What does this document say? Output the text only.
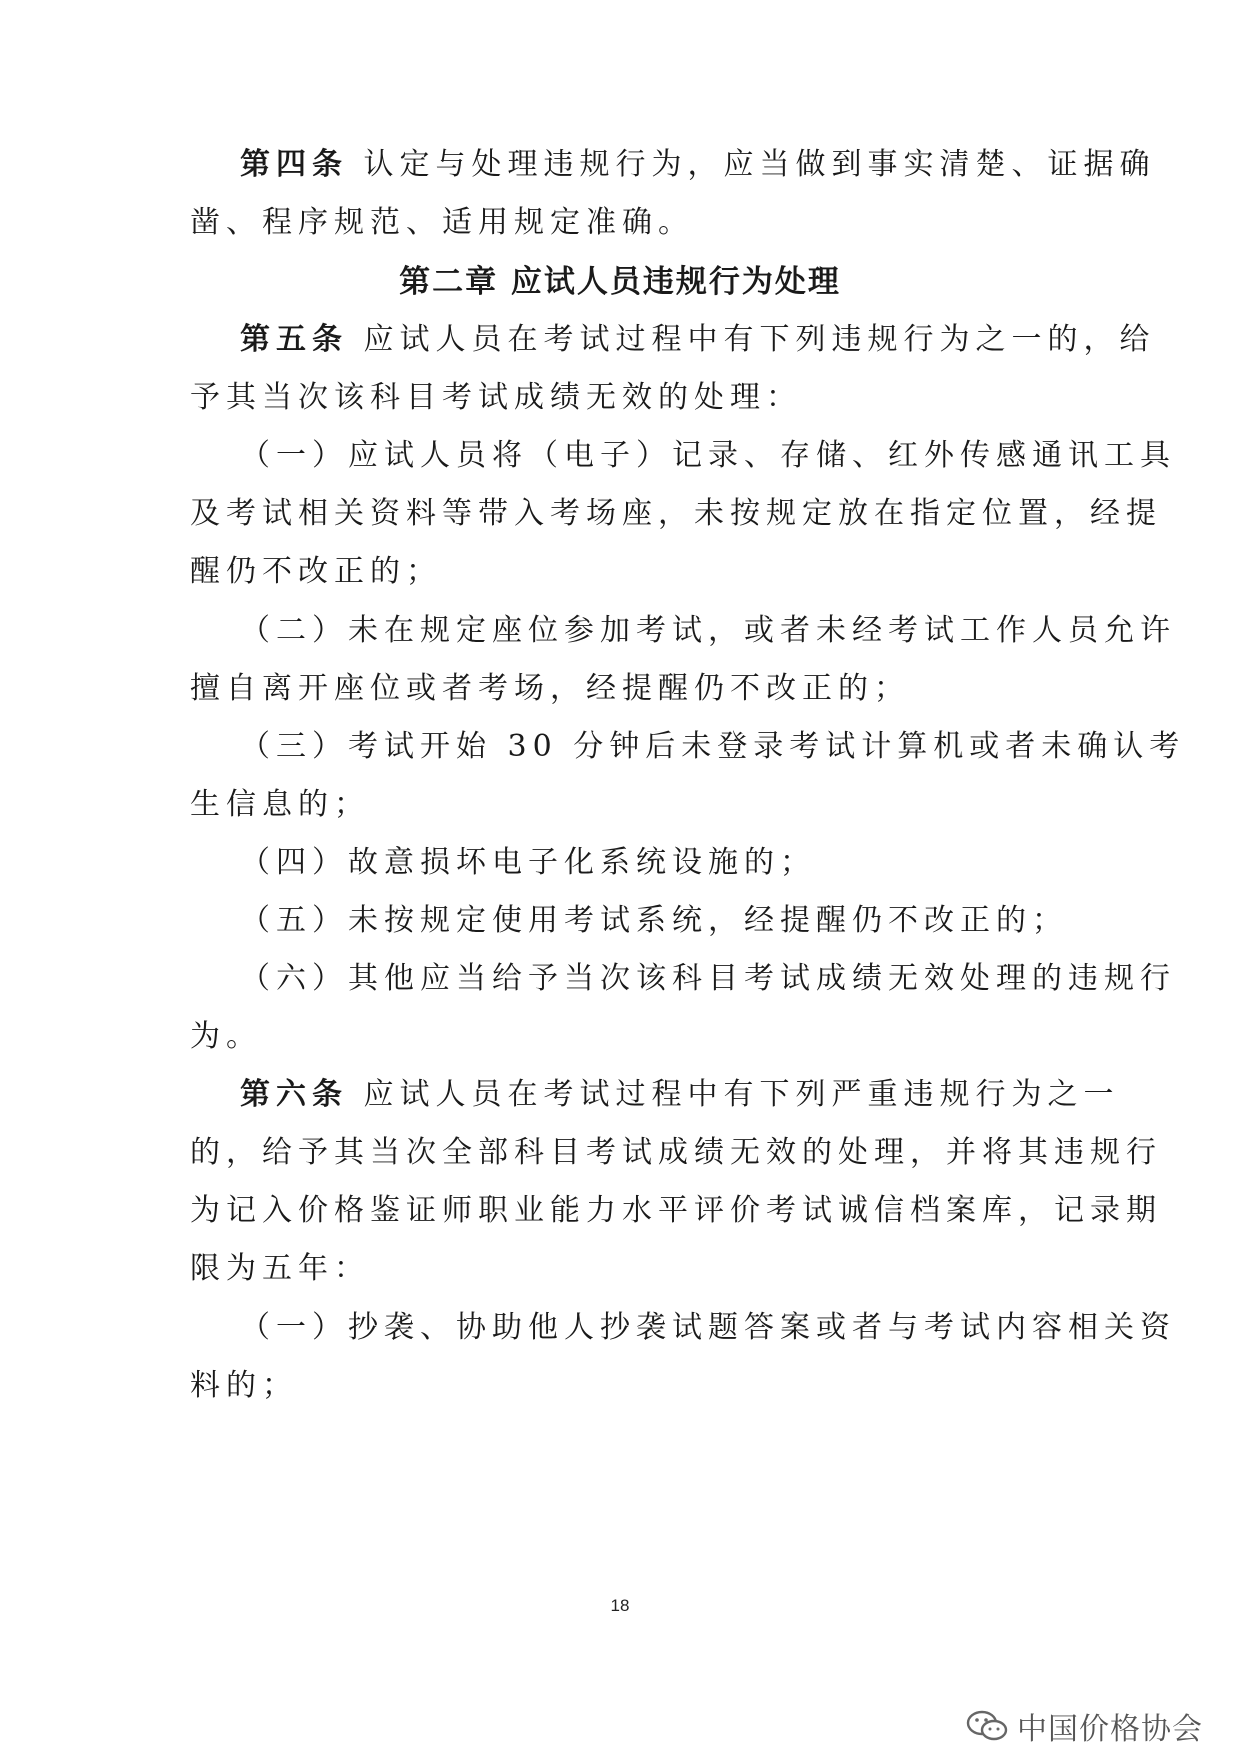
第四条 认定与处理违规行为，应当做到事实清楚、证据确
凿、程序规范、适用规定准确。
第二章 应试人员违规行为处理
第五条 应试人员在考试过程中有下列违规行为之一的，给
予其当次该科目考试成绩无效的处理：
（一）应试人员将（电子）记录、存储、红外传感通讯工具
及考试相关资料等带入考场座，未按规定放在指定位置，经提
醒仍不改正的；
（二）未在规定座位参加考试，或者未经考试工作人员允许
擅自离开座位或者考场，经提醒仍不改正的；
（三）考试开始 30 分钟后未登录考试计算机或者未确认考
生信息的；
（四）故意损坏电子化系统设施的；
（五）未按规定使用考试系统，经提醒仍不改正的；
（六）其他应当给予当次该科目考试成绩无效处理的违规行
为。
第六条 应试人员在考试过程中有下列严重违规行为之一
的，给予其当次全部科目考试成绩无效的处理，并将其违规行
为记入价格鉴证师职业能力水平评价考试诚信档案库，记录期
限为五年：
（一）抄袭、协助他人抄袭试题答案或者与考试内容相关资
料的；
18
中国价格协会
